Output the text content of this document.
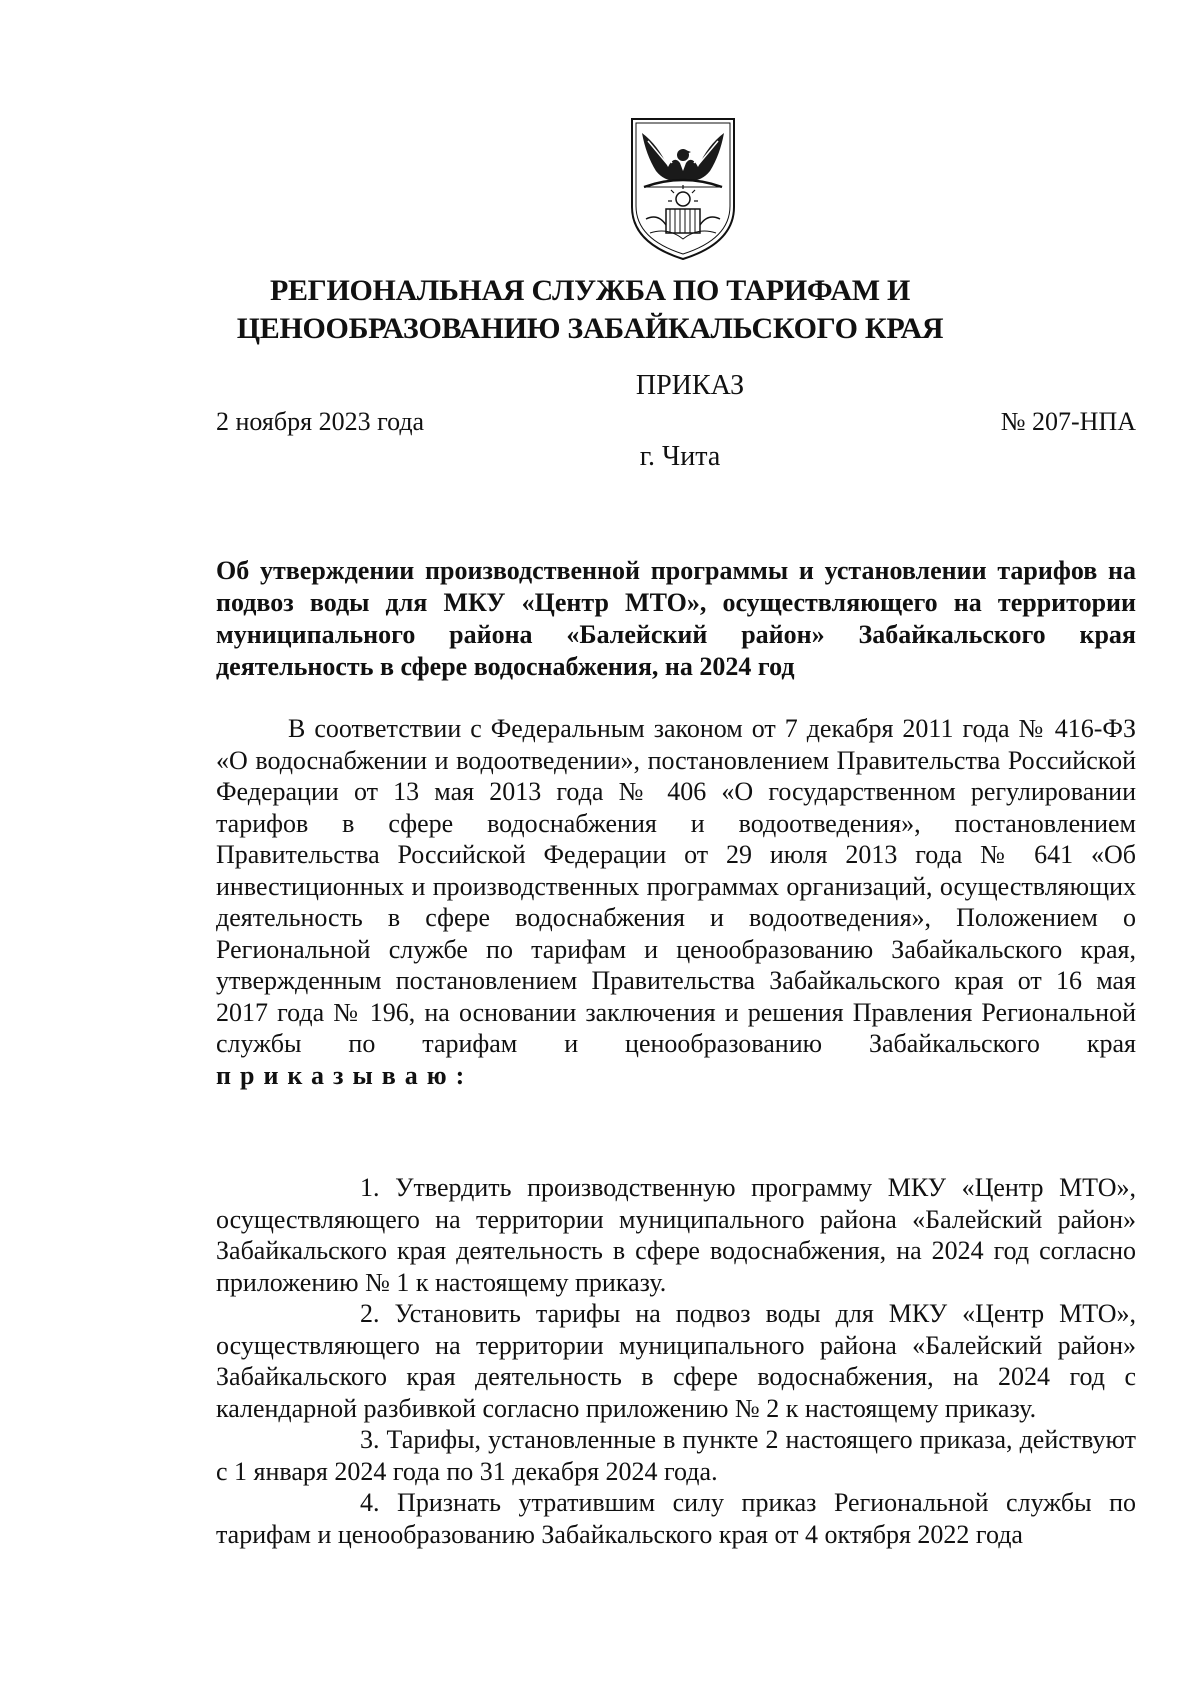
РЕГИОНАЛЬНАЯ СЛУЖБА ПО ТАРИФАМ И
ЦЕНООБРАЗОВАНИЮ ЗАБАЙКАЛЬСКОГО КРАЯ
ПРИКАЗ
2 ноября 2023 года	№ 207-НПА
г. Чита
Об утверждении производственной программы и установлении тарифов на подвоз воды для МКУ «Центр МТО», осуществляющего на территории муниципального района «Балейский район» Забайкальского края деятельность в сфере водоснабжения, на 2024 год
В соответствии с Федеральным законом от 7 декабря 2011 года № 416-ФЗ «О водоснабжении и водоотведении», постановлением Правительства Российской Федерации от 13 мая 2013 года № 406 «О государственном регулировании тарифов в сфере водоснабжения и водоотведения», постановлением Правительства Российской Федерации от 29 июля 2013 года № 641 «Об инвестиционных и производственных программах организаций, осуществляющих деятельность в сфере водоснабжения и водоотведения», Положением о Региональной службе по тарифам и ценообразованию Забайкальского края, утвержденным постановлением Правительства Забайкальского края от 16 мая 2017 года № 196, на основании заключения и решения Правления Региональной службы по тарифам и ценообразованию Забайкальского края приказываю:

1. Утвердить производственную программу МКУ «Центр МТО», осуществляющего на территории муниципального района «Балейский район» Забайкальского края деятельность в сфере водоснабжения, на 2024 год согласно приложению № 1 к настоящему приказу.

2. Установить тарифы на подвоз воды для МКУ «Центр МТО», осуществляющего на территории муниципального района «Балейский район» Забайкальского края деятельность в сфере водоснабжения, на 2024 год с календарной разбивкой согласно приложению № 2 к настоящему приказу.

3. Тарифы, установленные в пункте 2 настоящего приказа, действуют с 1 января 2024 года по 31 декабря 2024 года.

4. Признать утратившим силу приказ Региональной службы по тарифам и ценообразованию Забайкальского края от 4 октября 2022 года
